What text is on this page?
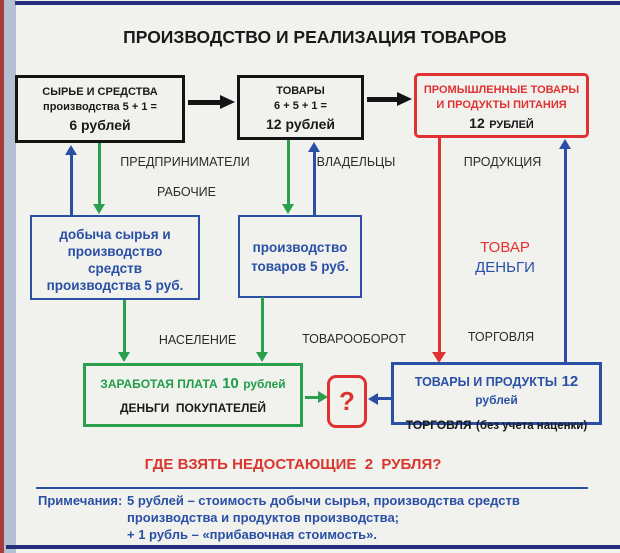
ПРОИЗВОДСТВО И РЕАЛИЗАЦИЯ ТОВАРОВ
СЫРЬЕ И СРЕДСТВА
производства 5 + 1 =
6 рублей
ТОВАРЫ
6 + 5 + 1 =
12 рублей
ПРОМЫШЛЕННЫЕ ТОВАРЫ
И ПРОДУКТЫ ПИТАНИЯ
12 РУБЛЕЙ
ПРЕДПРИНИМАТЕЛИ
РАБОЧИЕ
ВЛАДЕЛЬЦЫ	ПРОДУКЦИЯ
добыча сырья и
производство
средств
производства 5 руб.
производство
товаров 5 руб.
ТОВАР
ДЕНЬГИ
НАСЕЛЕНИЕ	ТОВАРООБОРОТ	ТОРГОВЛЯ
ЗАРАБОТАЯ ПЛАТА 10 рублей
ДЕНЬГИ  ПОКУПАТЕЛЕЙ	?
ТОВАРЫ И ПРОДУКТЫ 12 рублей
ТОРГОВЛЯ (без учета наценки)
ГДЕ ВЗЯТЬ НЕДОСТАЮЩИЕ  2  РУБЛЯ?
Примечания: 5 рублей – стоимость добычи сырья, производства средств
производства и продуктов производства;
+ 1 рубль – «прибавочная стоимость».
